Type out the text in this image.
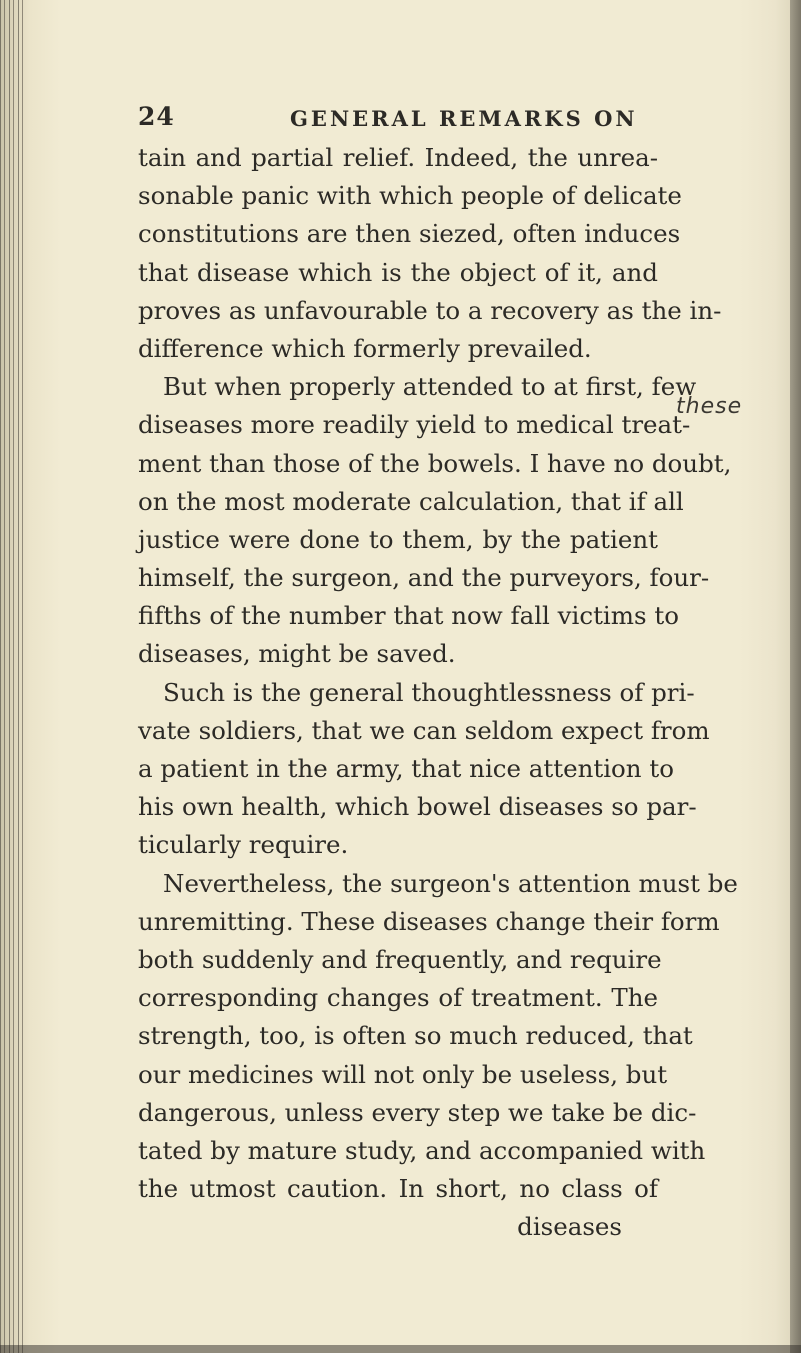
24	GENERAL REMARKS ON
tain and partial relief. Indeed, the unrea-
sonable panic with which people of delicate
constitutions are then siezed, often induces
that disease which is the object of it, and
proves as unfavourable to a recovery as the in-
difference which formerly prevailed.
But when properly attended to at first, few
diseases more readily yield to medical treat-
ment than those of the bowels. I have no doubt,
on the most moderate calculation, that if all
justice were done to them, by the patient
himself, the surgeon, and the purveyors, four-
fifths of the number that now fall victims to
diseases, might be saved.
Such is the general thoughtlessness of pri-
vate soldiers, that we can seldom expect from
a patient in the army, that nice attention to
his own health, which bowel diseases so par-
ticularly require.
Nevertheless, the surgeon's attention must be
unremitting. These diseases change their form
both suddenly and frequently, and require
corresponding changes of treatment. The
strength, too, is often so much reduced, that
our medicines will not only be useless, but
dangerous, unless every step we take be dic-
tated by mature study, and accompanied with
the utmost caution. In short, no class of
diseases
these
